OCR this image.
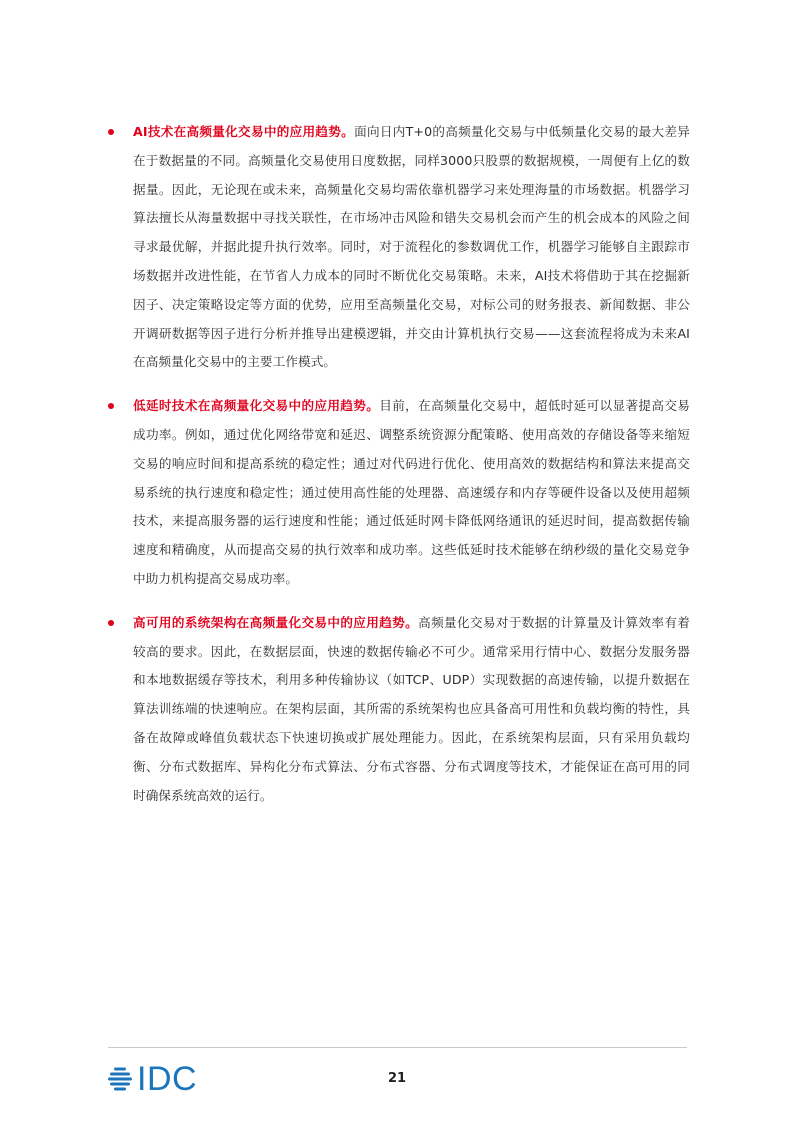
AI技术在高频量化交易中的应用趋势。面向日内T+0的高频量化交易与中低频量化交易的最大差异在于数据量的不同。高频量化交易使用日度数据，同样3000只股票的数据规模，一周便有上亿的数据量。因此，无论现在或未来，高频量化交易均需依靠机器学习来处理海量的市场数据。机器学习算法擅长从海量数据中寻找关联性，在市场冲击风险和错失交易机会而产生的机会成本的风险之间寻求最优解，并据此提升执行效率。同时，对于流程化的参数调优工作，机器学习能够自主跟踪市场数据并改进性能，在节省人力成本的同时不断优化交易策略。未来，AI技术将借助于其在挖掘新因子、决定策略设定等方面的优势，应用至高频量化交易，对标公司的财务报表、新闻数据、非公开调研数据等因子进行分析并推导出建模逻辑，并交由计算机执行交易——这套流程将成为未来AI在高频量化交易中的主要工作模式。
低延时技术在高频量化交易中的应用趋势。目前，在高频量化交易中，超低时延可以显著提高交易成功率。例如，通过优化网络带宽和延迟、调整系统资源分配策略、使用高效的存储设备等来缩短交易的响应时间和提高系统的稳定性；通过对代码进行优化、使用高效的数据结构和算法来提高交易系统的执行速度和稳定性；通过使用高性能的处理器、高速缓存和内存等硬件设备以及使用超频技术，来提高服务器的运行速度和性能；通过低延时网卡降低网络通讯的延迟时间，提高数据传输速度和精确度，从而提高交易的执行效率和成功率。这些低延时技术能够在纳秒级的量化交易竞争中助力机构提高交易成功率。
高可用的系统架构在高频量化交易中的应用趋势。高频量化交易对于数据的计算量及计算效率有着较高的要求。因此，在数据层面，快速的数据传输必不可少。通常采用行情中心、数据分发服务器和本地数据缓存等技术，利用多种传输协议（如TCP、UDP）实现数据的高速传输，以提升数据在算法训练端的快速响应。在架构层面，其所需的系统架构也应具备高可用性和负载均衡的特性，具备在故障或峰值负载状态下快速切换或扩展处理能力。因此，在系统架构层面，只有采用负载均衡、分布式数据库、异构化分布式算法、分布式容器、分布式调度等技术，才能保证在高可用的同时确保系统高效的运行。
IDC	21
